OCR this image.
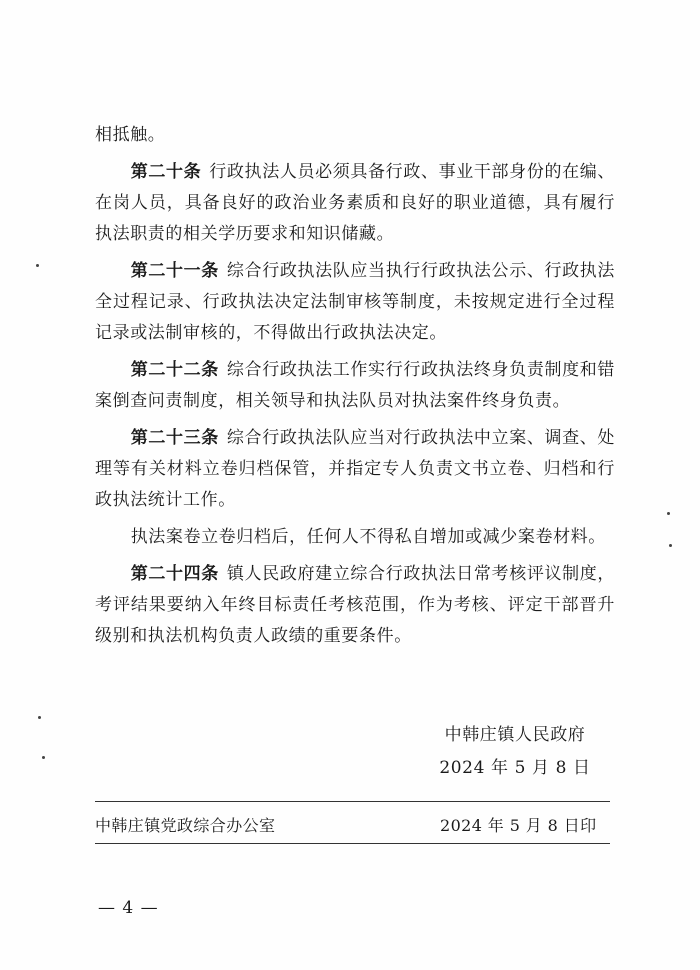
相抵触。

第二十条 行政执法人员必须具备行政、事业干部身份的在编、在岗人员，具备良好的政治业务素质和良好的职业道德，具有履行执法职责的相关学历要求和知识储藏。

第二十一条 综合行政执法队应当执行行政执法公示、行政执法全过程记录、行政执法决定法制审核等制度，未按规定进行全过程记录或法制审核的，不得做出行政执法决定。

第二十二条 综合行政执法工作实行行政执法终身负责制度和错案倒查问责制度，相关领导和执法队员对执法案件终身负责。

第二十三条 综合行政执法队应当对行政执法中立案、调查、处理等有关材料立卷归档保管，并指定专人负责文书立卷、归档和行政执法统计工作。

执法案卷立卷归档后，任何人不得私自增加或减少案卷材料。

第二十四条 镇人民政府建立综合行政执法日常考核评议制度，考评结果要纳入年终目标责任考核范围，作为考核、评定干部晋升级别和执法机构负责人政绩的重要条件。

中韩庄镇人民政府
2024 年 5 月 8 日
中韩庄镇党政综合办公室	2024 年 5 月 8 日印
— 4 —
